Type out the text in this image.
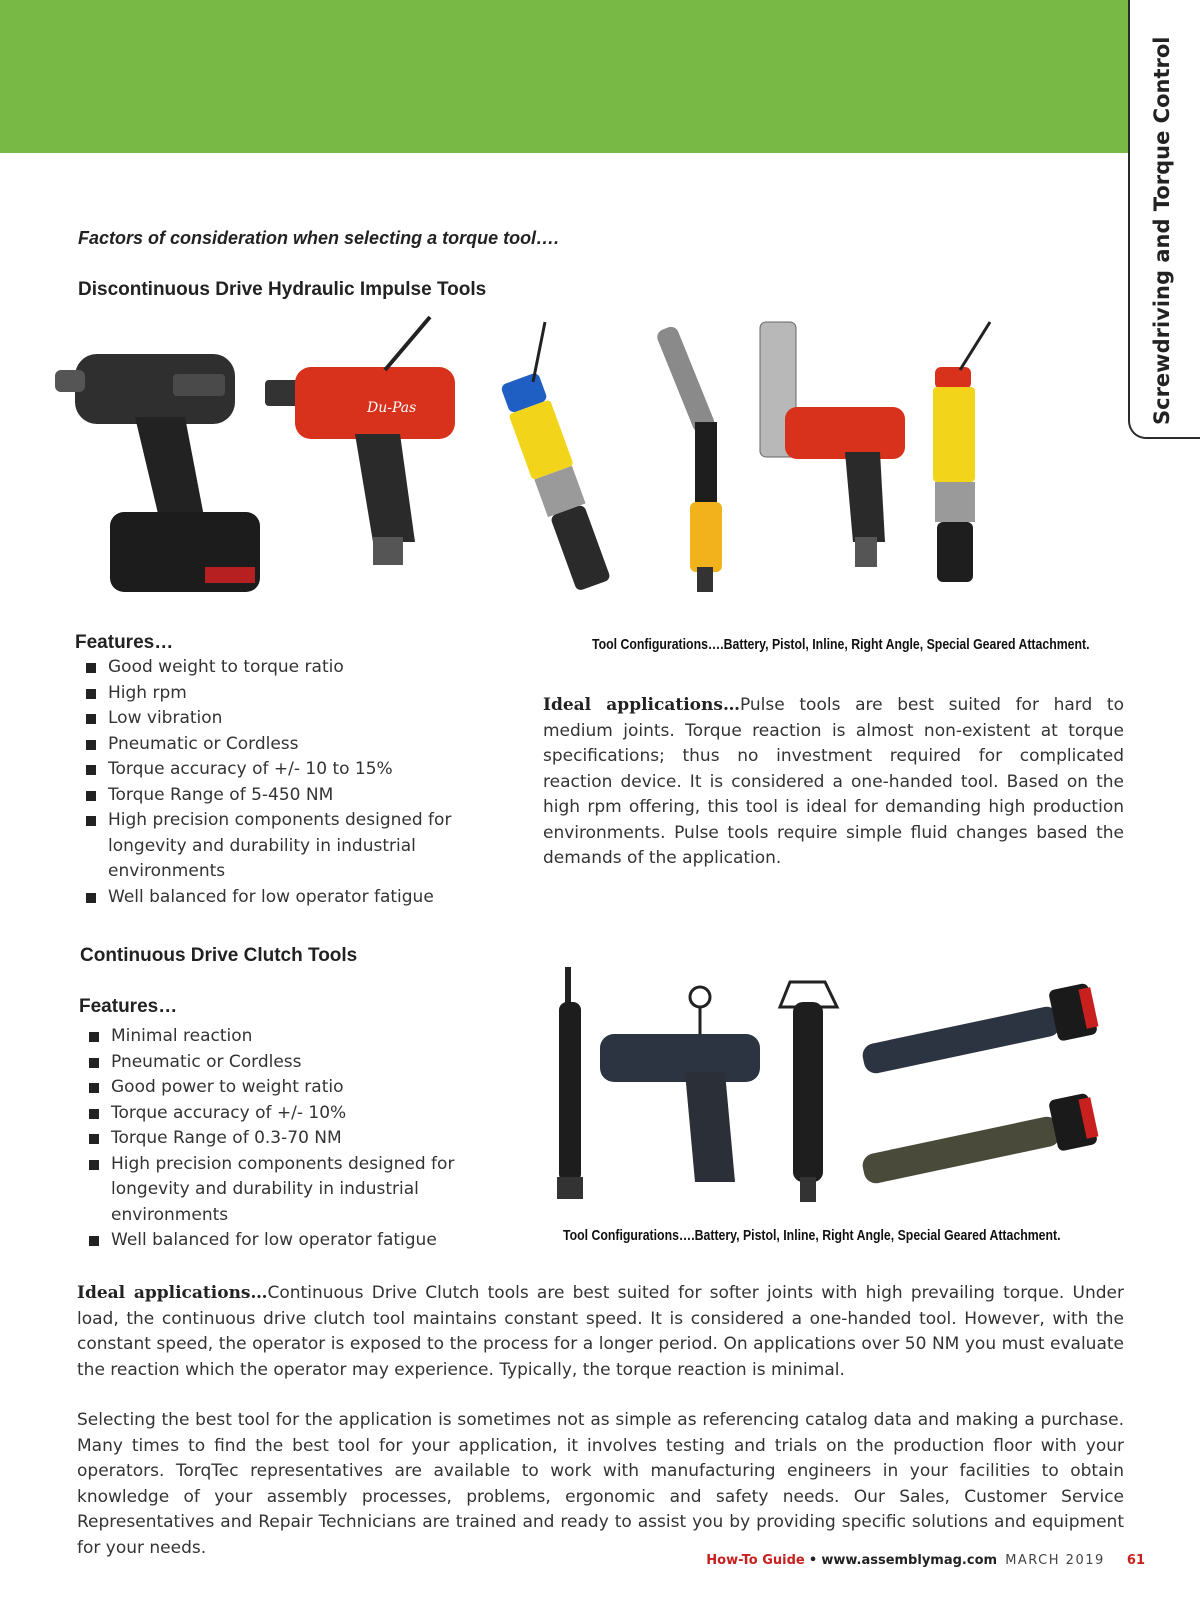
Screwdriving and Torque Control
Factors of consideration when selecting a torque tool….
Discontinuous Drive Hydraulic Impulse Tools
Du-Pas
Features…
Good weight to torque ratio
High rpm
Low vibration
Pneumatic or Cordless
Torque accuracy of +/- 10 to 15%
Torque Range of 5-450 NM
High precision components designed for longevity and durability in industrial environments
Well balanced for low operator fatigue
Tool Configurations….Battery, Pistol, Inline, Right Angle, Special Geared Attachment.

Ideal applications…Pulse tools are best suited for hard to medium joints. Torque reaction is almost non-existent at torque specifications; thus no investment required for complicated reaction device. It is considered a one-handed tool. Based on the high rpm offering, this tool is ideal for demanding high production environments. Pulse tools require simple fluid changes based the demands of the application.

Continuous Drive Clutch Tools
Features…
Minimal reaction
Pneumatic or Cordless
Good power to weight ratio
Torque accuracy of +/- 10%
Torque Range of 0.3-70 NM
High precision components designed for longevity and durability in industrial environments
Well balanced for low operator fatigue	Tool Configurations….Battery, Pistol, Inline, Right Angle, Special Geared Attachment.

Ideal applications…Continuous Drive Clutch tools are best suited for softer joints with high prevailing torque. Under load, the continuous drive clutch tool maintains constant speed. It is considered a one-handed tool. However, with the constant speed, the operator is exposed to the process for a longer period. On applications over 50 NM you must evaluate the reaction which the operator may experience. Typically, the torque reaction is minimal.

Selecting the best tool for the application is sometimes not as simple as referencing catalog data and making a purchase. Many times to find the best tool for your application, it involves testing and trials on the production floor with your operators. TorqTec representatives are available to work with manufacturing engineers in your facilities to obtain knowledge of your assembly processes, problems, ergonomic and safety needs. Our Sales, Customer Service Representatives and Repair Technicians are trained and ready to assist you by providing specific solutions and equipment for your needs.

How-To Guide • www.assemblymag.com MARCH 2019 61
